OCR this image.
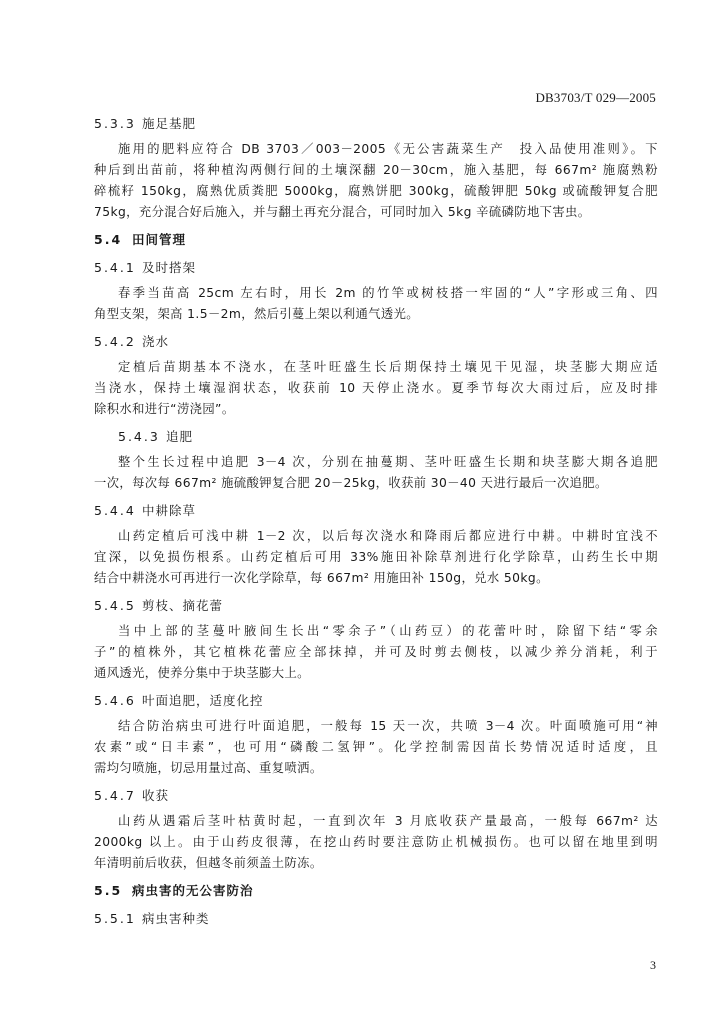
DB3703/T 029—2005
5.3.3 施足基肥
施用的肥料应符合 DB 3703／003－2005《无公害蔬菜生产　投入品使用准则》。下
种后到出苗前，将种植沟两侧行间的土壤深翻 20－30cm，施入基肥，每 667m² 施腐熟粉
碎梳籽 150kg，腐熟优质粪肥 5000kg，腐熟饼肥 300kg，硫酸钾肥 50kg 或硫酸钾复合肥
75kg，充分混合好后施入，并与翻土再充分混合，可同时加入 5kg 辛硫磷防地下害虫。
5.4 田间管理
5.4.1 及时搭架
春季当苗高 25cm 左右时，用长 2m 的竹竿或树枝搭一牢固的“人”字形或三角、四
角型支架，架高 1.5－2m，然后引蔓上架以利通气透光。
5.4.2 浇水
定植后苗期基本不浇水，在茎叶旺盛生长后期保持土壤见干见湿，块茎膨大期应适
当浇水，保持土壤湿润状态，收获前 10 天停止浇水。夏季节每次大雨过后，应及时排
除积水和进行“涝浇园”。
5.4.3 追肥
整个生长过程中追肥 3－4 次，分别在抽蔓期、茎叶旺盛生长期和块茎膨大期各追肥
一次，每次每 667m² 施硫酸钾复合肥 20－25kg，收获前 30－40 天进行最后一次追肥。
5.4.4 中耕除草
山药定植后可浅中耕 1－2 次，以后每次浇水和降雨后都应进行中耕。中耕时宜浅不
宜深，以免损伤根系。山药定植后可用 33%施田补除草剂进行化学除草，山药生长中期
结合中耕浇水可再进行一次化学除草，每 667m² 用施田补 150g，兑水 50kg。
5.4.5 剪枝、摘花蕾
当中上部的茎蔓叶腋间生长出“零余子”（山药豆）的花蕾叶时，除留下结“零余
子”的植株外，其它植株花蕾应全部抹掉，并可及时剪去侧枝，以减少养分消耗，利于
通风透光，使养分集中于块茎膨大上。
5.4.6 叶面追肥，适度化控
结合防治病虫可进行叶面追肥，一般每 15 天一次，共喷 3－4 次。叶面喷施可用“神
农素”或“日丰素”，也可用“磷酸二氢钾”。化学控制需因苗长势情况适时适度，且
需均匀喷施，切忌用量过高、重复喷洒。
5.4.7 收获
山药从遇霜后茎叶枯黄时起，一直到次年 3 月底收获产量最高，一般每 667m² 达
2000kg 以上。由于山药皮很薄，在挖山药时要注意防止机械损伤。也可以留在地里到明
年清明前后收获，但越冬前须盖土防冻。
5.5 病虫害的无公害防治
5.5.1 病虫害种类
3
